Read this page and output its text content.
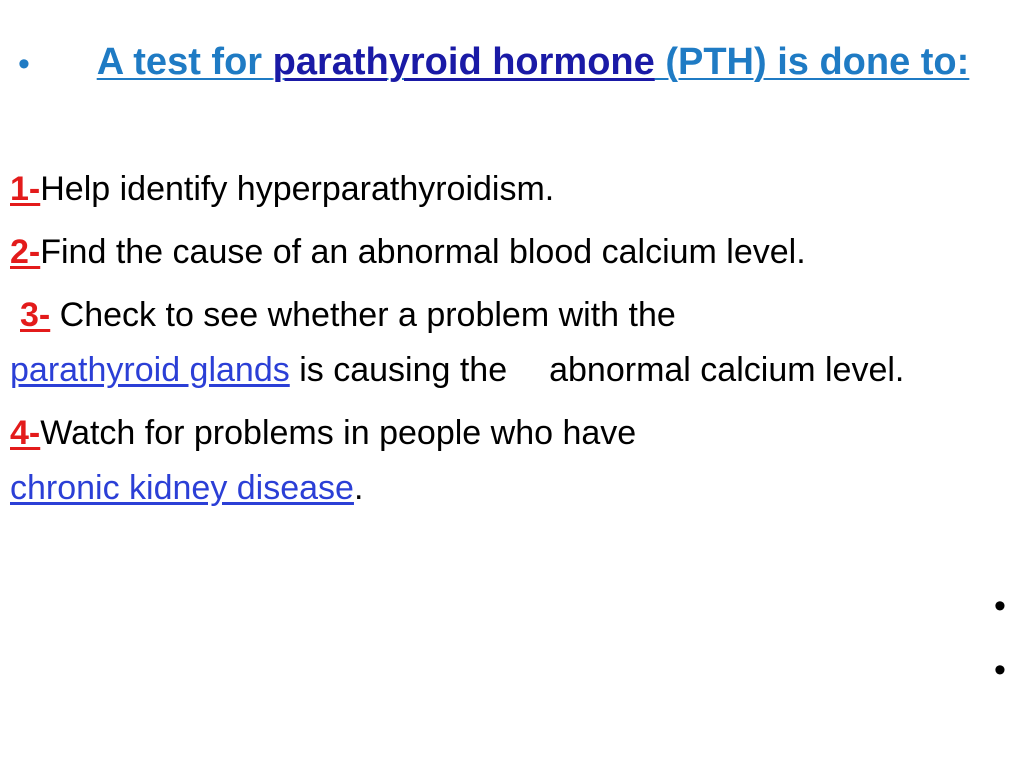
•	A test for parathyroid hormone (PTH) is done to:
1-Help identify hyperparathyroidism.
2-Find the cause of an abnormal blood calcium level.
3- Check to see whether a problem with the
parathyroid glands is causing the abnormal calcium level.
4-Watch for problems in people who have
chronic kidney disease.
•
•
